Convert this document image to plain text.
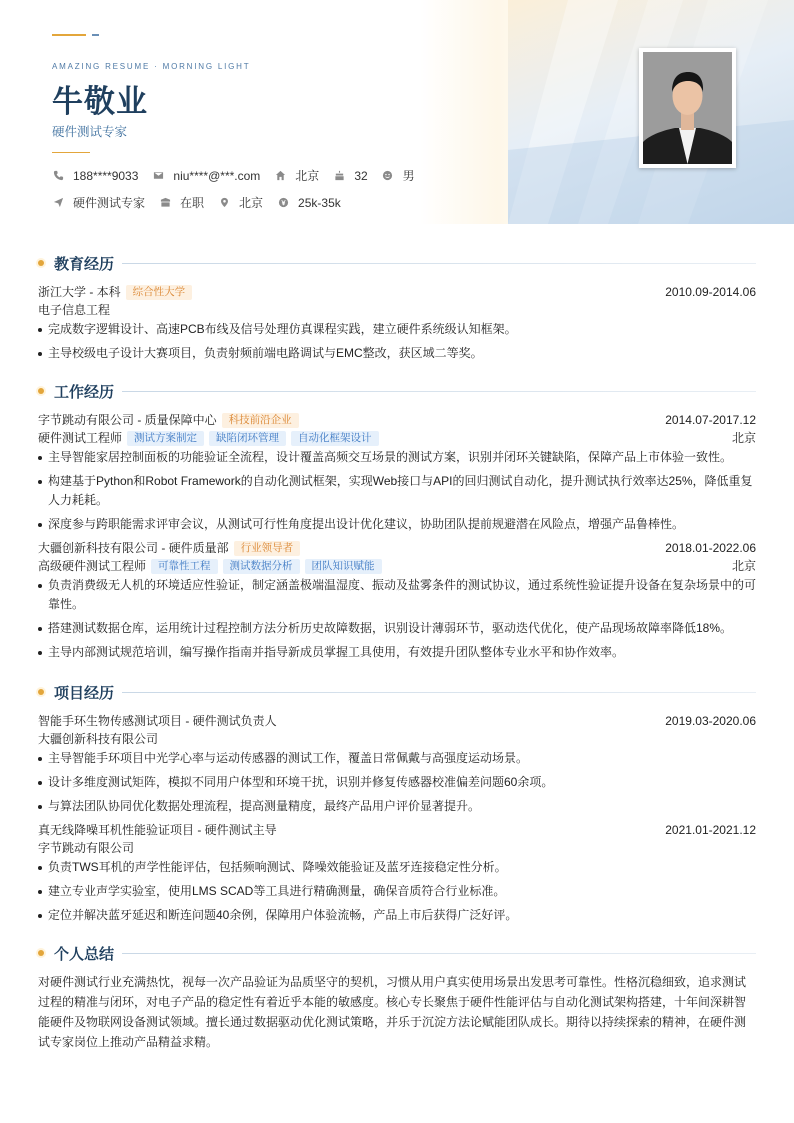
AMAZING RESUME · MORNING LIGHT
牛敬业
硬件测试专家
188****9033	niu****@***.com	北京	32	男
硬件测试专家	在职	北京	25k-35k
教育经历
浙江大学 - 本科	综合性大学	2010.09-2014.06
电子信息工程
完成数字逻辑设计、高速PCB布线及信号处理仿真课程实践，建立硬件系统级认知框架。
主导校级电子设计大赛项目，负责射频前端电路调试与EMC整改，获区域二等奖。
工作经历
字节跳动有限公司 - 质量保障中心	科技前沿企业	2014.07-2017.12
硬件测试工程师	测试方案制定	缺陷闭环管理	自动化框架设计	北京
主导智能家居控制面板的功能验证全流程，设计覆盖高频交互场景的测试方案，识别并闭环关键缺陷，保障产品上市体验一致性。
构建基于Python和Robot Framework的自动化测试框架，实现Web接口与API的回归测试自动化，提升测试执行效率达25%，降低重复人力耗耗。
深度参与跨职能需求评审会议，从测试可行性角度提出设计优化建议，协助团队提前规避潜在风险点，增强产品鲁棒性。
大疆创新科技有限公司 - 硬件质量部	行业领导者	2018.01-2022.06
高级硬件测试工程师	可靠性工程	测试数据分析	团队知识赋能	北京
负责消费级无人机的环境适应性验证，制定涵盖极端温湿度、振动及盐雾条件的测试协议，通过系统性验证提升设备在复杂场景中的可靠性。
搭建测试数据仓库，运用统计过程控制方法分析历史故障数据，识别设计薄弱环节，驱动迭代优化，使产品现场故障率降低18%。
主导内部测试规范培训，编写操作指南并指导新成员掌握工具使用，有效提升团队整体专业水平和协作效率。
项目经历
智能手环生物传感测试项目 - 硬件测试负责人	2019.03-2020.06
大疆创新科技有限公司
主导智能手环项目中光学心率与运动传感器的测试工作，覆盖日常佩戴与高强度运动场景。
设计多维度测试矩阵，模拟不同用户体型和环境干扰，识别并修复传感器校准偏差问题60余项。
与算法团队协同优化数据处理流程，提高测量精度，最终产品用户评价显著提升。
真无线降噪耳机性能验证项目 - 硬件测试主导	2021.01-2021.12
字节跳动有限公司
负责TWS耳机的声学性能评估，包括频响测试、降噪效能验证及蓝牙连接稳定性分析。
建立专业声学实验室，使用LMS SCAD等工具进行精确测量，确保音质符合行业标准。
定位并解决蓝牙延迟和断连问题40余例，保障用户体验流畅，产品上市后获得广泛好评。
个人总结

对硬件测试行业充满热忱，视每一次产品验证为品质坚守的契机，习惯从用户真实使用场景出发思考可靠性。性格沉稳细致，追求测试过程的精准与闭环，对电子产品的稳定性有着近乎本能的敏感度。核心专长聚焦于硬件性能评估与自动化测试架构搭建，十年间深耕智能硬件及物联网设备测试领域。擅长通过数据驱动优化测试策略，并乐于沉淀方法论赋能团队成长。期待以持续探索的精神，在硬件测试专家岗位上推动产品精益求精。
